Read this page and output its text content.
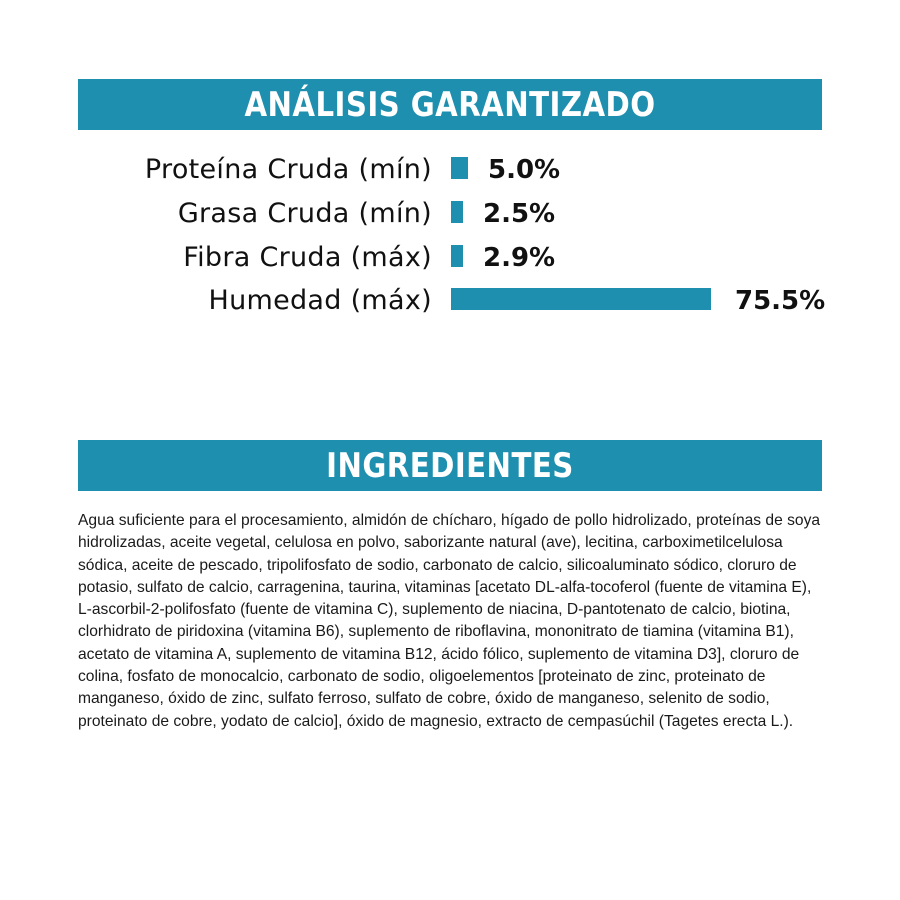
ANÁLISIS GARANTIZADO
Proteína Cruda (mín) 5.0%
Grasa Cruda (mín) 2.5%
Fibra Cruda (máx) 2.9%
Humedad (máx)	75.5%
INGREDIENTES

Agua suficiente para el procesamiento, almidón de chícharo, hígado de pollo hidrolizado, proteínas de soya hidrolizadas, aceite vegetal, celulosa en polvo, saborizante natural (ave), lecitina, carboximetilcelulosa sódica, aceite de pescado, tripolifosfato de sodio, carbonato de calcio, silicoaluminato sódico, cloruro de potasio, sulfato de calcio, carragenina, taurina, vitaminas [acetato DL-alfa-tocoferol (fuente de vitamina E), L-ascorbil-2-polifosfato (fuente de vitamina C), suplemento de niacina, D-pantotenato de calcio, biotina, clorhidrato de piridoxina (vitamina B6), suplemento de riboflavina, mononitrato de tiamina (vitamina B1), acetato de vitamina A, suplemento de vitamina B12, ácido fólico, suplemento de vitamina D3], cloruro de colina, fosfato de monocalcio, carbonato de sodio, oligoelementos [proteinato de zinc, proteinato de manganeso, óxido de zinc, sulfato ferroso, sulfato de cobre, óxido de manganeso, selenito de sodio, proteinato de cobre, yodato de calcio], óxido de magnesio, extracto de cempasúchil (Tagetes erecta L.).
